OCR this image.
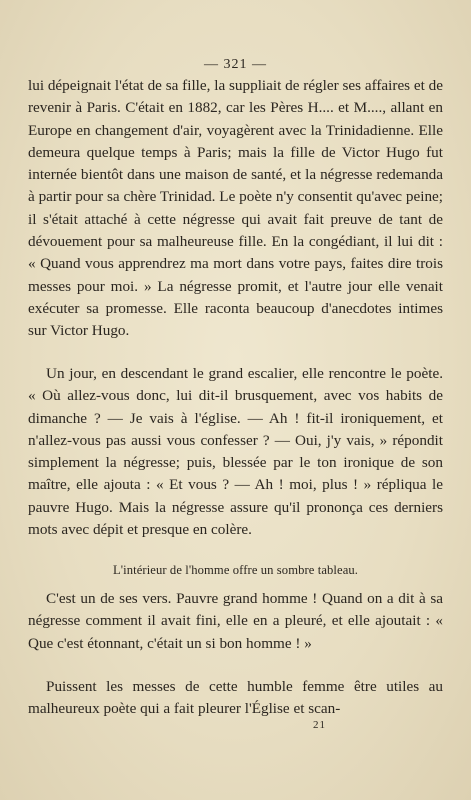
— 321 —

lui dépeignait l'état de sa fille, la suppliait de régler ses affaires et de revenir à Paris. C'était en 1882, car les Pères H.... et M...., allant en Europe en changement d'air, voyagèrent avec la Trinidadienne. Elle demeura quelque temps à Paris; mais la fille de Victor Hugo fut internée bientôt dans une maison de santé, et la négresse redemanda à partir pour sa chère Trinidad. Le poète n'y consentit qu'avec peine; il s'était attaché à cette négresse qui avait fait preuve de tant de dévouement pour sa malheureuse fille. En la congédiant, il lui dit : « Quand vous apprendrez ma mort dans votre pays, faites dire trois messes pour moi. » La négresse promit, et l'autre jour elle venait exécuter sa promesse. Elle raconta beaucoup d'anecdotes intimes sur Victor Hugo.

Un jour, en descendant le grand escalier, elle rencontre le poète. « Où allez-vous donc, lui dit-il brusquement, avec vos habits de dimanche ? — Je vais à l'église. — Ah ! fit-il ironiquement, et n'allez-vous pas aussi vous confesser ? — Oui, j'y vais, » répondit simplement la négresse; puis, blessée par le ton ironique de son maître, elle ajouta : « Et vous ? — Ah ! moi, plus ! » répliqua le pauvre Hugo. Mais la négresse assure qu'il prononça ces derniers mots avec dépit et presque en colère.

L'intérieur de l'homme offre un sombre tableau.

C'est un de ses vers. Pauvre grand homme ! Quand on a dit à sa négresse comment il avait fini, elle en a pleuré, et elle ajoutait : « Que c'est étonnant, c'était un si bon homme ! »

Puissent les messes de cette humble femme être utiles au malheureux poète qui a fait pleurer l'Église et scan-

21
